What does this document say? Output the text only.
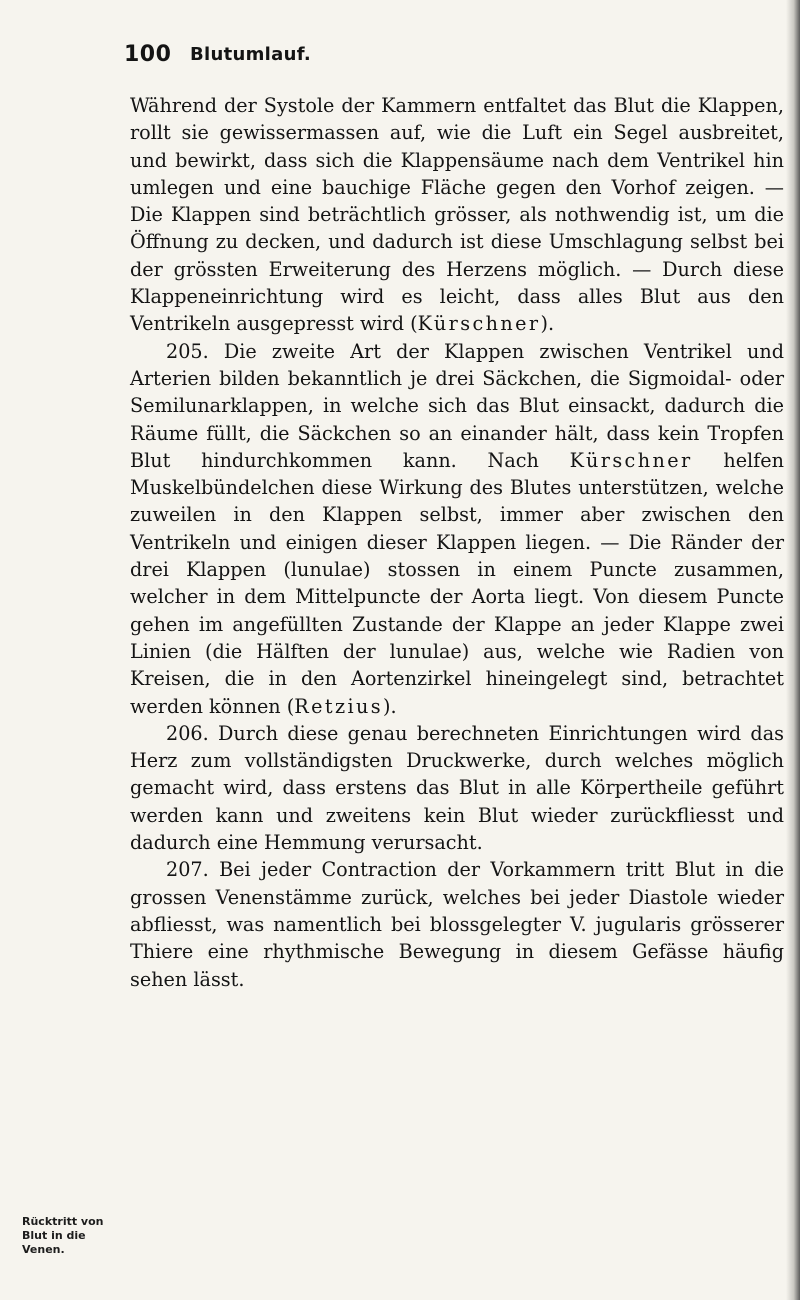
100 Blutumlauf.

Während der Systole der Kammern entfaltet das Blut die Klappen, rollt sie gewissermassen auf, wie die Luft ein Segel ausbreitet, und bewirkt, dass sich die Klappensäume nach dem Ventrikel hin umlegen und eine bauchige Fläche gegen den Vorhof zeigen. — Die Klappen sind beträchtlich grösser, als nothwendig ist, um die Öffnung zu decken, und dadurch ist diese Umschlagung selbst bei der grössten Erweiterung des Herzens möglich. — Durch diese Klappeneinrichtung wird es leicht, dass alles Blut aus den Ventrikeln ausgepresst wird (Kürschner).

205. Die zweite Art der Klappen zwischen Ventrikel und Arterien bilden bekanntlich je drei Säckchen, die Sigmoidal- oder Semilunarklappen, in welche sich das Blut einsackt, dadurch die Räume füllt, die Säckchen so an einander hält, dass kein Tropfen Blut hindurchkommen kann. Nach Kürschner helfen Muskelbündelchen diese Wirkung des Blutes unterstützen, welche zuweilen in den Klappen selbst, immer aber zwischen den Ventrikeln und einigen dieser Klappen liegen. — Die Ränder der drei Klappen (lunulae) stossen in einem Puncte zusammen, welcher in dem Mittelpuncte der Aorta liegt. Von diesem Puncte gehen im angefüllten Zustande der Klappe an jeder Klappe zwei Linien (die Hälften der lunulae) aus, welche wie Radien von Kreisen, die in den Aortenzirkel hineingelegt sind, betrachtet werden können (Retzius).

206. Durch diese genau berechneten Einrichtungen wird das Herz zum vollständigsten Druckwerke, durch welches möglich gemacht wird, dass erstens das Blut in alle Körpertheile geführt werden kann und zweitens kein Blut wieder zurückfliesst und dadurch eine Hemmung verursacht.

207. Bei jeder Contraction der Vorkammern tritt Blut in die grossen Venenstämme zurück, welches bei jeder Diastole wieder abfliesst, was namentlich bei blossgelegter V. jugularis grösserer Thiere eine rhythmische Bewegung in diesem Gefässe häufig sehen lässt.

Rücktritt von
Blut in die
Venen.
